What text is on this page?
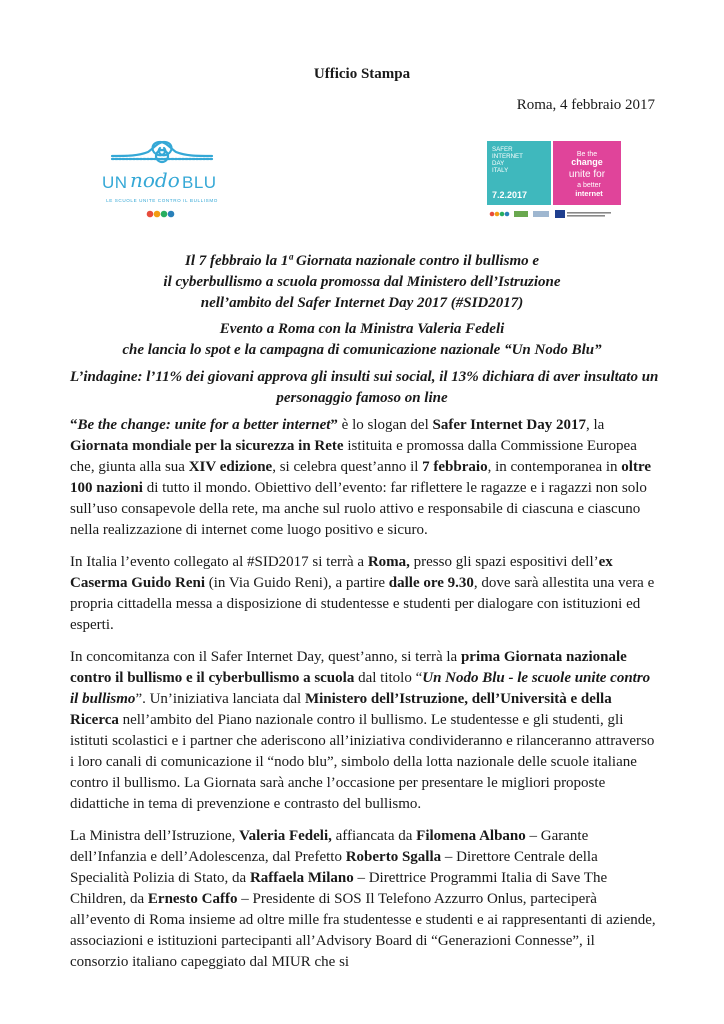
Ufficio Stampa
Roma, 4 febbraio 2017
UN nodo BLU
LE SCUOLE UNITE CONTRO IL BULLISMO
SAFER
INTERNET
DAY
ITALY
7.2.2017
Be the
change
unite for
a better
internet
Il 7 febbraio la 1ª Giornata nazionale contro il bullismo e
il cyberbullismo a scuola promossa dal Ministero dell’Istruzione
nell’ambito del Safer Internet Day 2017 (#SID2017)
Evento a Roma con la Ministra Valeria Fedeli
che lancia lo spot e la campagna di comunicazione nazionale “Un Nodo Blu”
L’indagine: l’11% dei giovani approva gli insulti sui social, il 13% dichiara di aver insultato un
personaggio famoso on line

“Be the change: unite for a better internet” è lo slogan del Safer Internet Day 2017, la Giornata mondiale per la sicurezza in Rete istituita e promossa dalla Commissione Europea che, giunta alla sua XIV edizione, si celebra quest’anno il 7 febbraio, in contemporanea in oltre 100 nazioni di tutto il mondo. Obiettivo dell’evento: far riflettere le ragazze e i ragazzi non solo sull’uso consapevole della rete, ma anche sul ruolo attivo e responsabile di ciascuna e ciascuno nella realizzazione di internet come luogo positivo e sicuro.

In Italia l’evento collegato al #SID2017 si terrà a Roma, presso gli spazi espositivi dell’ex Caserma Guido Reni (in Via Guido Reni), a partire dalle ore 9.30, dove sarà allestita una vera e propria cittadella messa a disposizione di studentesse e studenti per dialogare con istituzioni ed esperti.

In concomitanza con il Safer Internet Day, quest’anno, si terrà la prima Giornata nazionale contro il bullismo e il cyberbullismo a scuola dal titolo “Un Nodo Blu - le scuole unite contro il bullismo”. Un’iniziativa lanciata dal Ministero dell’Istruzione, dell’Università e della Ricerca nell’ambito del Piano nazionale contro il bullismo. Le studentesse e gli studenti, gli istituti scolastici e i partner che aderiscono all’iniziativa condivideranno e rilanceranno attraverso i loro canali di comunicazione il “nodo blu”, simbolo della lotta nazionale delle scuole italiane contro il bullismo. La Giornata sarà anche l’occasione per presentare le migliori proposte didattiche in tema di prevenzione e contrasto del bullismo.

La Ministra dell’Istruzione, Valeria Fedeli, affiancata da Filomena Albano – Garante dell’Infanzia e dell’Adolescenza, dal Prefetto Roberto Sgalla – Direttore Centrale della Specialità Polizia di Stato, da Raffaela Milano – Direttrice Programmi Italia di Save The Children, da Ernesto Caffo – Presidente di SOS Il Telefono Azzurro Onlus, parteciperà all’evento di Roma insieme ad oltre mille fra studentesse e studenti e ai rappresentanti di aziende, associazioni e istituzioni partecipanti all’Advisory Board di “Generazioni Connesse”, il consorzio italiano capeggiato dal MIUR che si
